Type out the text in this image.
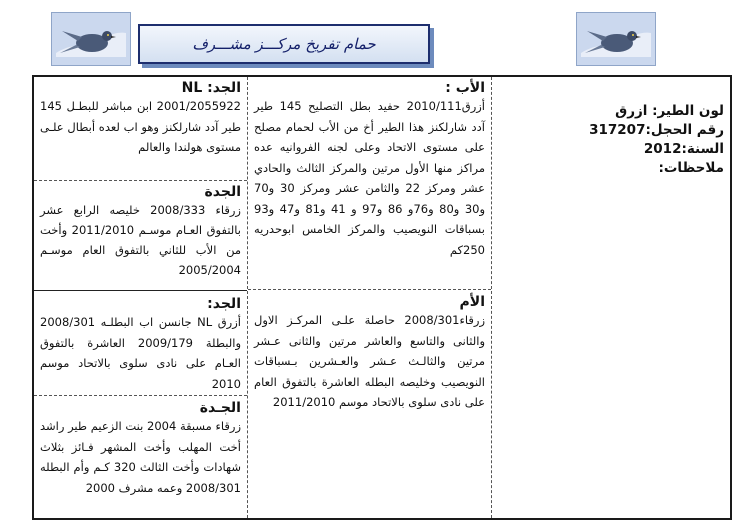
حمام تفريخ مركـــز مشـــرف
لون الطير: ازرق
رقم الحجل:317207
السنة:2012
ملاحظات:
الأب :
أزرق2010/111 حفيد بطل التصليح 145 طير آدد شارلكنز هذا الطير أخ من الأب لحمام مصلح على مستوى الاتحاد وعلى لجنه الفروانيه عده مراكز منها الأول مرتين والمركز الثالث والحادي عشر ومركز 22 والثامن عشر ومركز 30 و70 و30 و80 و76و 86 و97 و 41 و81 و47 و93 بسباقات النويصيب والمركز الخامس ابوحدريه 250كم
الأم
زرقاء2008/301 حاصلة علـى المركـز الاول والثانى والتاسع والعاشر مرتين والثانى عـشر مرتين والثالـث عـشر والعـشرين بـسباقات النويصيب وخليصه البطله العاشرة بالتفوق العام على نادى سلوى بالاتحاد موسم 2011/2010
الجد: NL
2001/2055922 ابن مباشر للبطـل 145 طير آدد شارلكنز وهو اب لعده أبطال علـى مستوى هولندا والعالم
الجدة
زرقاء 2008/333 خليصه الرابع عشر بالتفوق العـام موسـم 2011/2010 وأخت من الأب للثاني بالتفوق العام موسـم 2005/2004
الجد:
أزرق NL جانسن اب البطلـه 2008/301 والبطلة 2009/179 العاشرة بالتفوق العـام على نادى سلوى بالاتحاد موسم 2010
الجـدة
زرقاء مسبقة 2004 بنت الزعيم طير راشد أخت المهلب وأخت المشهر فـائز بثلاث شهادات وأخت الثالث 320 كـم وأم البطله 2008/301 وعمه مشرف 2000
